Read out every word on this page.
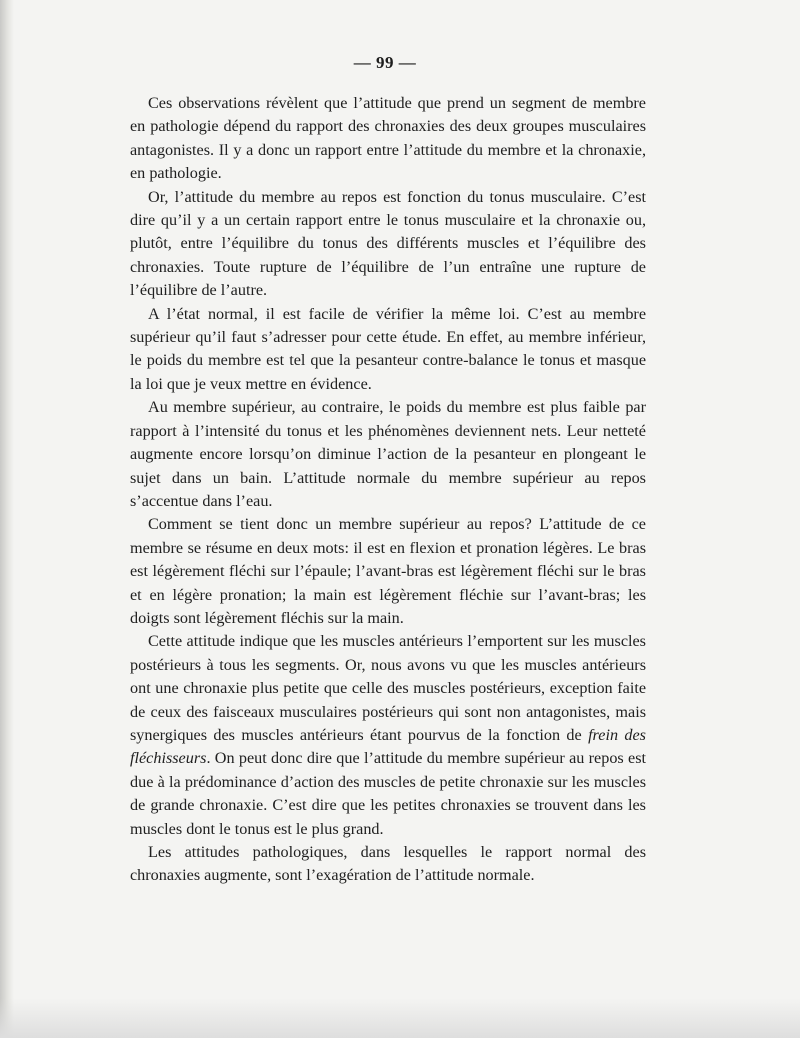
— 99 —

Ces observations révèlent que l’attitude que prend un segment de membre en pathologie dépend du rapport des chronaxies des deux groupes musculaires antagonistes. Il y a donc un rapport entre l’attitude du membre et la chronaxie, en pathologie.

Or, l’attitude du membre au repos est fonction du tonus musculaire. C’est dire qu’il y a un certain rapport entre le tonus musculaire et la chronaxie ou, plutôt, entre l’équilibre du tonus des différents muscles et l’équilibre des chronaxies. Toute rupture de l’équilibre de l’un entraîne une rupture de l’équilibre de l’autre.

A l’état normal, il est facile de vérifier la même loi. C’est au membre supérieur qu’il faut s’adresser pour cette étude. En effet, au membre inférieur, le poids du membre est tel que la pesanteur contre-balance le tonus et masque la loi que je veux mettre en évidence.

Au membre supérieur, au contraire, le poids du membre est plus faible par rapport à l’intensité du tonus et les phénomènes deviennent nets. Leur netteté augmente encore lorsqu’on diminue l’action de la pesanteur en plongeant le sujet dans un bain. L’attitude normale du membre supérieur au repos s’accentue dans l’eau.

Comment se tient donc un membre supérieur au repos? L’attitude de ce membre se résume en deux mots: il est en flexion et pronation légères. Le bras est légèrement fléchi sur l’épaule; l’avant-bras est légèrement fléchi sur le bras et en légère pronation; la main est légèrement fléchie sur l’avant-bras; les doigts sont légèrement fléchis sur la main.

Cette attitude indique que les muscles antérieurs l’emportent sur les muscles postérieurs à tous les segments. Or, nous avons vu que les muscles antérieurs ont une chronaxie plus petite que celle des muscles postérieurs, exception faite de ceux des faisceaux musculaires postérieurs qui sont non antagonistes, mais synergiques des muscles antérieurs étant pourvus de la fonction de frein des fléchisseurs. On peut donc dire que l’attitude du membre supérieur au repos est due à la prédominance d’action des muscles de petite chronaxie sur les muscles de grande chronaxie. C’est dire que les petites chronaxies se trouvent dans les muscles dont le tonus est le plus grand.

Les attitudes pathologiques, dans lesquelles le rapport normal des chronaxies augmente, sont l’exagération de l’attitude normale.
